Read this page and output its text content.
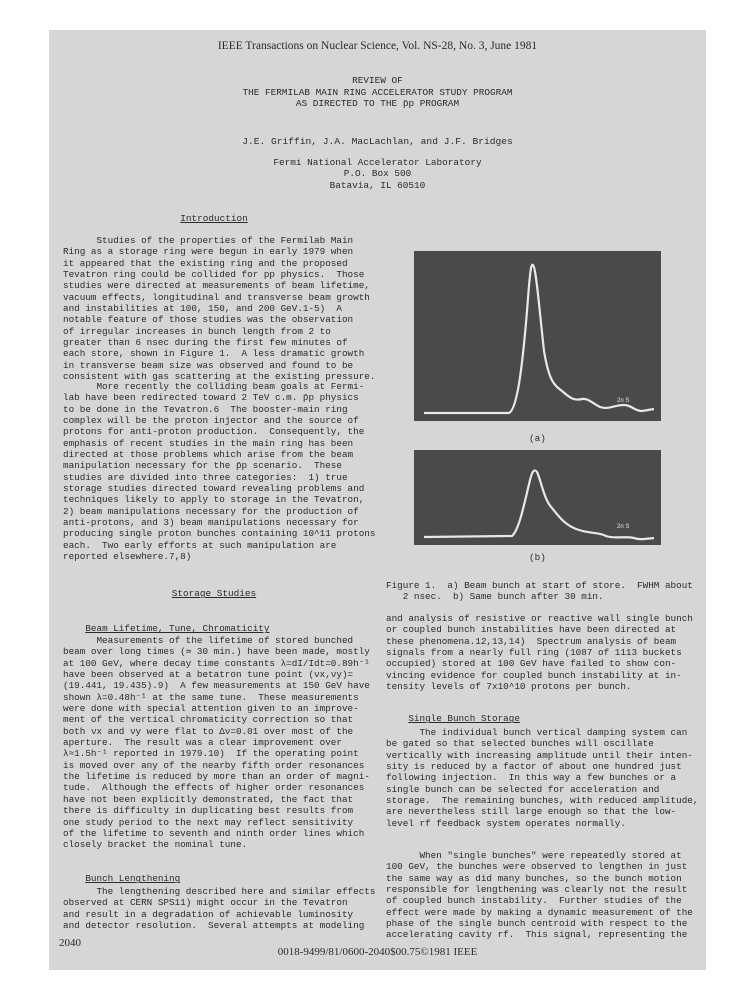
IEEE Transactions on Nuclear Science, Vol. NS-28, No. 3, June 1981
REVIEW OF
THE FERMILAB MAIN RING ACCELERATOR STUDY PROGRAM
AS DIRECTED TO THE p̄p PROGRAM
J.E. Griffin, J.A. MacLachlan, and J.F. Bridges
Fermi National Accelerator Laboratory
P.O. Box 500
Batavia, IL 60510
Introduction
Studies of the properties of the Fermilab Main
Ring as a storage ring were begun in early 1979 when
it appeared that the existing ring and the proposed
Tevatron ring could be collided for pp physics.  Those
studies were directed at measurements of beam lifetime,
vacuum effects, longitudinal and transverse beam growth
and instabilities at 100, 150, and 200 GeV.1-5)  A
notable feature of those studies was the observation
of irregular increases in bunch length from 2 to
greater than 6 nsec during the first few minutes of
each store, shown in Figure 1.  A less dramatic growth
in transverse beam size was observed and found to be
consistent with gas scattering at the existing pressure.
More recently the colliding beam goals at Fermi-
lab have been redirected toward 2 TeV c.m. p̄p physics
to be done in the Tevatron.6  The booster-main ring
complex will be the proton injector and the source of
protons for anti-proton production.  Consequently, the
emphasis of recent studies in the main ring has been
directed at those problems which arise from the beam
manipulation necessary for the p̄p scenario.  These
studies are divided into three categories:  1) true
storage studies directed toward revealing problems and
techniques likely to apply to storage in the Tevatron,
2) beam manipulations necessary for the production of
anti-protons, and 3) beam manipulations necessary for
producing single proton bunches containing 10^11 protons
each.  Two early efforts at such manipulation are
reported elsewhere.7,8)
Storage Studies

Beam Lifetime, Tune, Chromaticity

Measurements of the lifetime of stored bunched
beam over long times (≃ 30 min.) have been made, mostly
at 100 GeV, where decay time constants λ=dI/Idt=0.89h⁻¹
have been observed at a betatron tune point (νx,νy)=
(19.441, 19.435).9)  A few measurements at 150 GeV have
shown λ=0.48h⁻¹ at the same tune.  These measurements
were done with special attention given to an improve-
ment of the vertical chromaticity correction so that
both νx and νy were flat to Δν=0.01 over most of the
aperture.  The result was a clear improvement over
λ≈1.5h⁻¹ reported in 1979.10)  If the operating point
is moved over any of the nearby fifth order resonances
the lifetime is reduced by more than an order of magni-
tude.  Although the effects of higher order resonances
have not been explicitly demonstrated, the fact that
there is difficulty in duplicating best results from
one study period to the next may reflect sensitivity
of the lifetime to seventh and ninth order lines which
closely bracket the nominal tune.

Bunch Lengthening

The lengthening described here and similar effects
observed at CERN SPS11) might occur in the Tevatron
and result in a degradation of achievable luminosity
and detector resolution.  Several attempts at modeling
2n S
(a)
2n S
(b)
Figure 1.  a) Beam bunch at start of store.  FWHM about
2 nsec.  b) Same bunch after 30 min.
and analysis of resistive or reactive wall single bunch
or coupled bunch instabilities have been directed at
these phenomena.12,13,14)  Spectrum analysis of beam
signals from a nearly full ring (1087 of 1113 buckets
occupied) stored at 100 GeV have failed to show con-
vincing evidence for coupled bunch instability at in-
tensity levels of 7x10^10 protons per bunch.

Single Bunch Storage

The individual bunch vertical damping system can
be gated so that selected bunches will oscillate
vertically with increasing amplitude until their inten-
sity is reduced by a factor of about one hundred just
following injection.  In this way a few bunches or a
single bunch can be selected for acceleration and
storage.  The remaining bunches, with reduced amplitude,
are nevertheless still large enough so that the low-
level rf feedback system operates normally.
When "single bunches" were repeatedly stored at
100 GeV, the bunches were observed to lengthen in just
the same way as did many bunches, so the bunch motion
responsible for lengthening was clearly not the result
of coupled bunch instability.  Further studies of the
effect were made by making a dynamic measurement of the
phase of the single bunch centroid with respect to the
accelerating cavity rf.  This signal, representing the
2040
0018-9499/81/0600-2040$00.75©1981 IEEE
